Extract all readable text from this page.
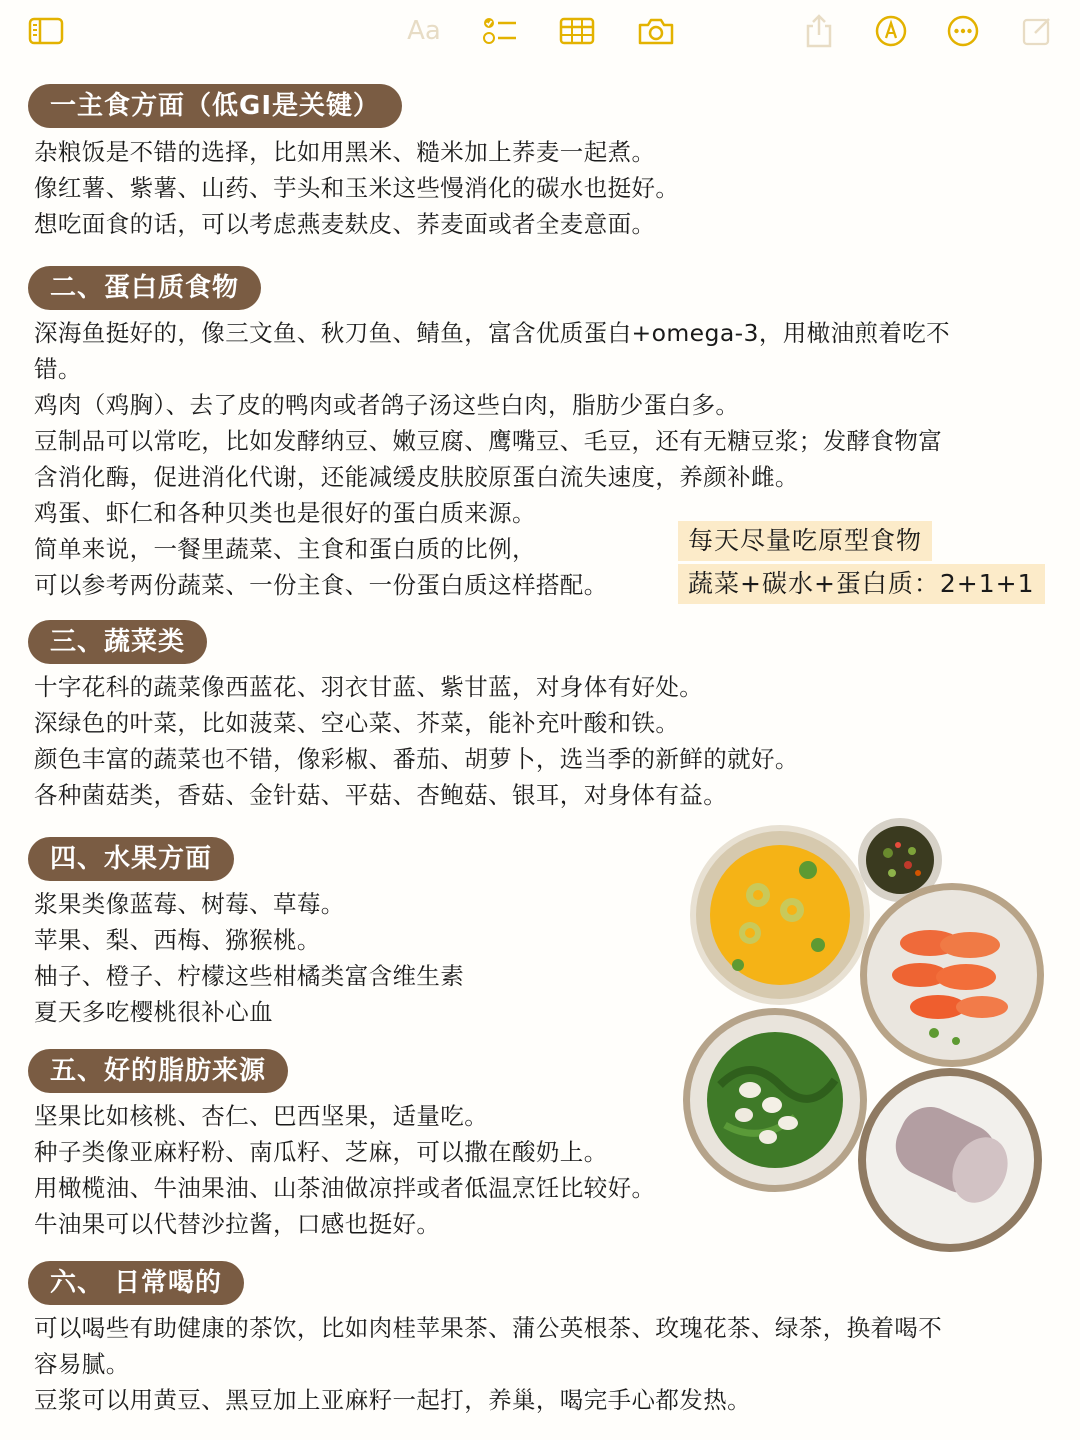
Aa
一主食方面（低GI是关键）
杂粮饭是不错的选择，比如用黑米、糙米加上荞麦一起煮。
像红薯、紫薯、山药、芋头和玉米这些慢消化的碳水也挺好。
想吃面食的话，可以考虑燕麦麸皮、荞麦面或者全麦意面。
二、蛋白质食物
深海鱼挺好的，像三文鱼、秋刀鱼、鲭鱼，富含优质蛋白+omega-3，用橄油煎着吃不
错。
鸡肉（鸡胸）、去了皮的鸭肉或者鸽子汤这些白肉，脂肪少蛋白多。
豆制品可以常吃，比如发酵纳豆、嫩豆腐、鹰嘴豆、毛豆，还有无糖豆浆；发酵食物富
含消化酶，促进消化代谢，还能减缓皮肤胶原蛋白流失速度，养颜补雌。
鸡蛋、虾仁和各种贝类也是很好的蛋白质来源。
简单来说，一餐里蔬菜、主食和蛋白质的比例，
可以参考两份蔬菜、一份主食、一份蛋白质这样搭配。
每天尽量吃原型食物
蔬菜+碳水+蛋白质：2+1+1
三、蔬菜类
十字花科的蔬菜像西蓝花、羽衣甘蓝、紫甘蓝，对身体有好处。
深绿色的叶菜，比如菠菜、空心菜、芥菜，能补充叶酸和铁。
颜色丰富的蔬菜也不错，像彩椒、番茄、胡萝卜，选当季的新鲜的就好。
各种菌菇类，香菇、金针菇、平菇、杏鲍菇、银耳，对身体有益。
四、水果方面
浆果类像蓝莓、树莓、草莓。
苹果、梨、西梅、猕猴桃。
柚子、橙子、柠檬这些柑橘类富含维生素
夏天多吃樱桃很补心血
五、好的脂肪来源
坚果比如核桃、杏仁、巴西坚果，适量吃。
种子类像亚麻籽粉、南瓜籽、芝麻，可以撒在酸奶上。
用橄榄油、牛油果油、山茶油做凉拌或者低温烹饪比较好。
牛油果可以代替沙拉酱，口感也挺好。
六、 日常喝的
可以喝些有助健康的茶饮，比如肉桂苹果茶、蒲公英根茶、玫瑰花茶、绿茶，换着喝不
容易腻。
豆浆可以用黄豆、黑豆加上亚麻籽一起打，养巢，喝完手心都发热。
